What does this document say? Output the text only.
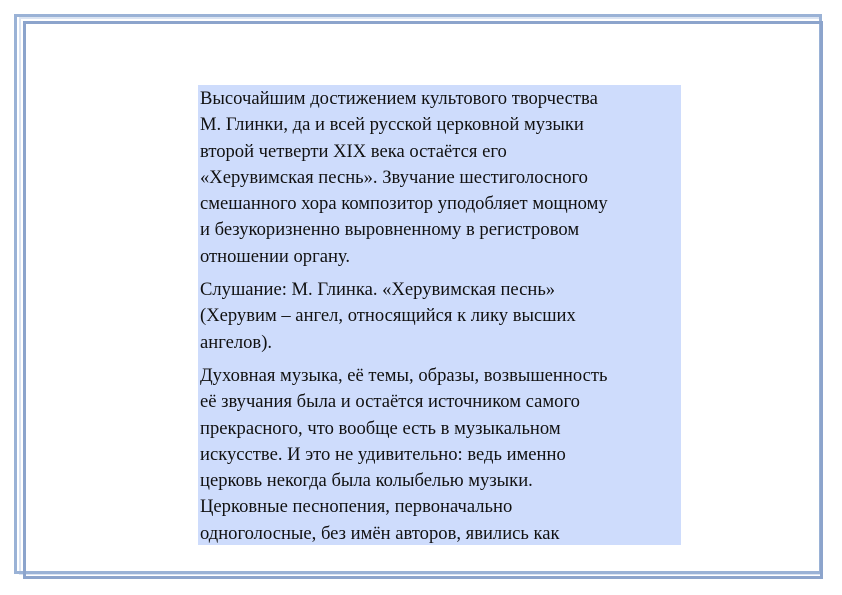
Высочайшим достижением культового творчества
М. Глинки, да и всей русской церковной музыки
второй четверти XIX века остаётся его
«Херувимская песнь». Звучание шестиголосного
смешанного хора композитор уподобляет мощному
и безукоризненно выровненному в регистровом
отношении органу.

Слушание: М. Глинка. «Херувимская песнь»
(Херувим – ангел, относящийся к лику высших
ангелов).

Духовная музыка, её темы, образы, возвышенность
её звучания была и остаётся источником самого
прекрасного, что вообще есть в музыкальном
искусстве. И это не удивительно: ведь именно
церковь некогда была колыбелью музыки.
Церковные песнопения, первоначально
одноголосные, без имён авторов, явились как
